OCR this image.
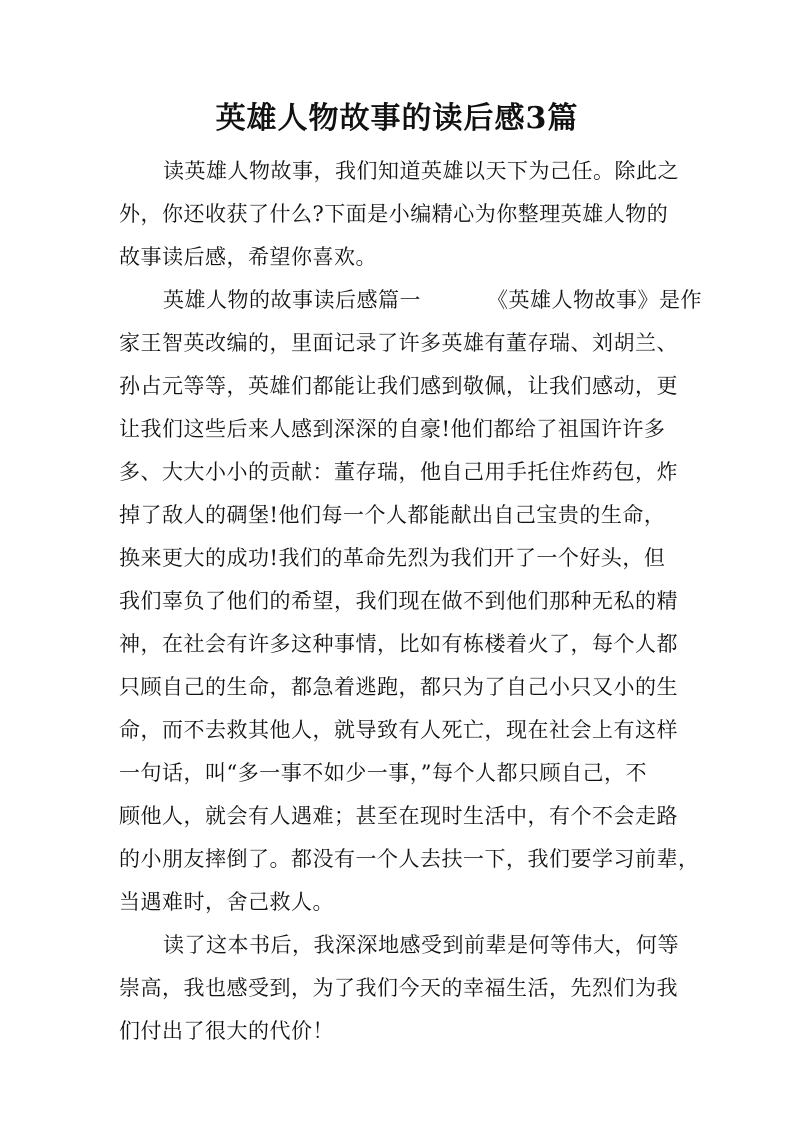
英雄人物故事的读后感3篇
读英雄人物故事，我们知道英雄以天下为己任。除此之
外，你还收获了什么?下面是小编精心为你整理英雄人物的
故事读后感，希望你喜欢。
英雄人物的故事读后感篇一	《英雄人物故事》是作
家王智英改编的，里面记录了许多英雄有董存瑞、刘胡兰、
孙占元等等，英雄们都能让我们感到敬佩，让我们感动，更
让我们这些后来人感到深深的自豪!他们都给了祖国许许多
多、大大小小的贡献：董存瑞，他自己用手托住炸药包，炸
掉了敌人的碉堡!他们每一个人都能献出自己宝贵的生命，
换来更大的成功!我们的革命先烈为我们开了一个好头，但
我们辜负了他们的希望，我们现在做不到他们那种无私的精
神，在社会有许多这种事情，比如有栋楼着火了，每个人都
只顾自己的生命，都急着逃跑，都只为了自己小只又小的生
命，而不去救其他人，就导致有人死亡，现在社会上有这样
一句话，叫“多一事不如少一事，”每个人都只顾自己，不
顾他人，就会有人遇难；甚至在现时生活中，有个不会走路
的小朋友摔倒了。都没有一个人去扶一下，我们要学习前辈，
当遇难时，舍己救人。
读了这本书后，我深深地感受到前辈是何等伟大，何等
崇高，我也感受到，为了我们今天的幸福生活，先烈们为我
们付出了很大的代价！
